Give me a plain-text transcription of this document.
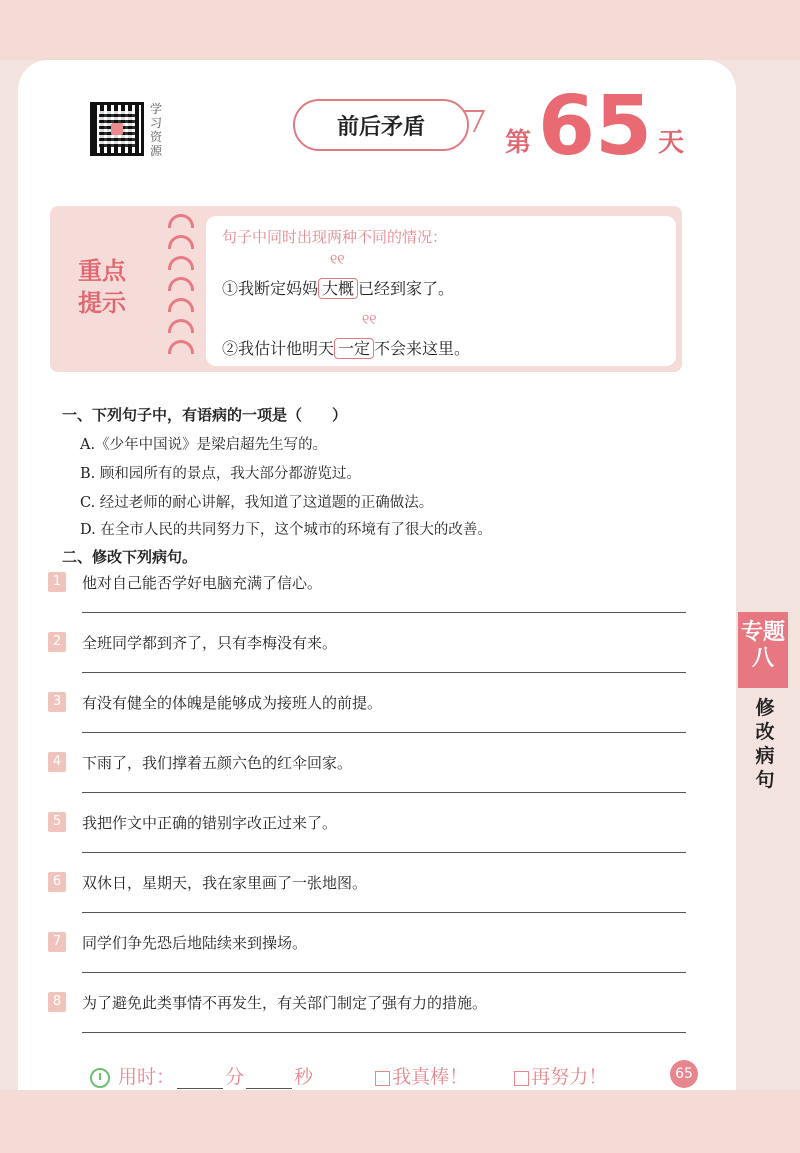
学习资源
前后矛盾
第 65 天
重点
提示
句子中同时出现两种不同的情况：
୧୧
①我断定妈妈 大概 已经到家了。
୧୧
②我估计他明天 一定 不会来这里。
一、下列句子中，有语病的一项是（　　）
A.《少年中国说》是梁启超先生写的。
B. 顾和园所有的景点，我大部分都游览过。
C. 经过老师的耐心讲解，我知道了这道题的正确做法。
D. 在全市人民的共同努力下，这个城市的环境有了很大的改善。
二、修改下列病句。
1	他对自己能否学好电脑充满了信心。
2	全班同学都到齐了，只有李梅没有来。
3	有没有健全的体魄是能够成为接班人的前提。
4	下雨了，我们撑着五颜六色的红伞回家。
5	我把作文中正确的错别字改正过来了。
6	双休日，星期天，我在家里画了一张地图。
7	同学们争先恐后地陆续来到操场。
8	为了避免此类事情不再发生，有关部门制定了强有力的措施。
专题八
修改病句
用时：	分	秒	我真棒！	再努力！	65
